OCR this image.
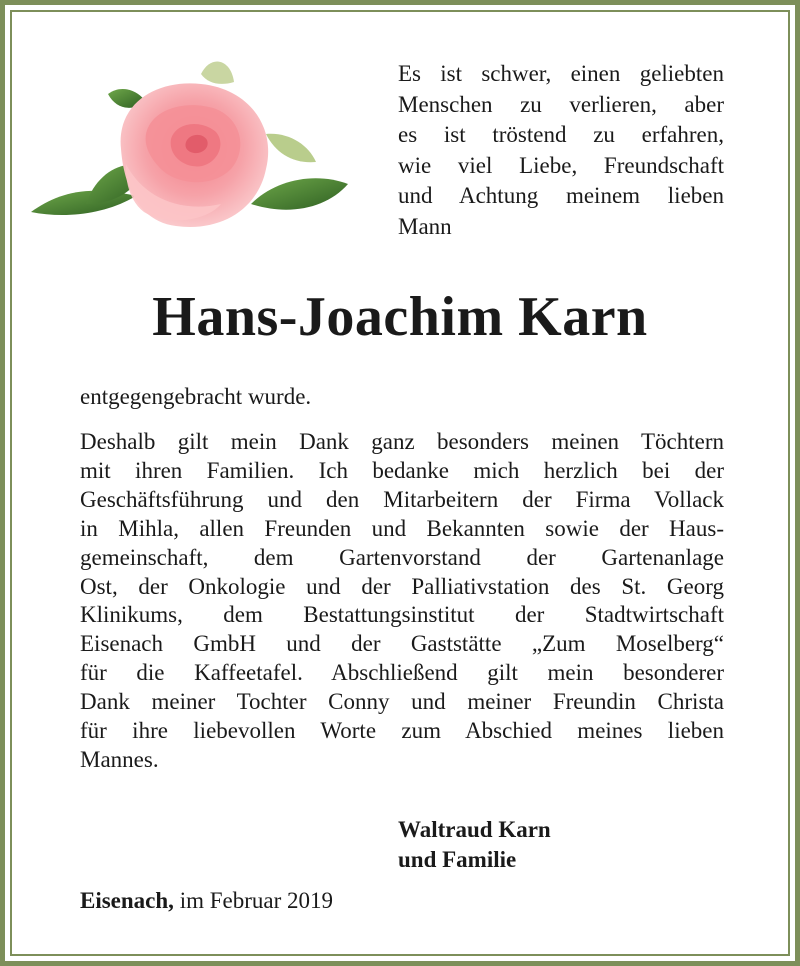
Es ist schwer, einen geliebten
Menschen zu verlieren, aber
es ist tröstend zu erfahren,
wie viel Liebe, Freundschaft
und Achtung meinem lieben
Mann
Hans-Joachim Karn
entgegengebracht wurde.
Deshalb gilt mein Dank ganz besonders meinen Töchtern
mit ihren Familien. Ich bedanke mich herzlich bei der
Geschäftsführung und den Mitarbeitern der Firma Vollack
in Mihla, allen Freunden und Bekannten sowie der Haus-
gemeinschaft, dem Gartenvorstand der Gartenanlage
Ost, der Onkologie und der Palliativstation des St. Georg
Klinikums, dem Bestattungsinstitut der Stadtwirtschaft
Eisenach GmbH und der Gaststätte „Zum Moselberg“
für die Kaffeetafel. Abschließend gilt mein besonderer
Dank meiner Tochter Conny und meiner Freundin Christa
für ihre liebevollen Worte zum Abschied meines lieben
Mannes.
Waltraud Karn
und Familie
Eisenach, im Februar 2019
